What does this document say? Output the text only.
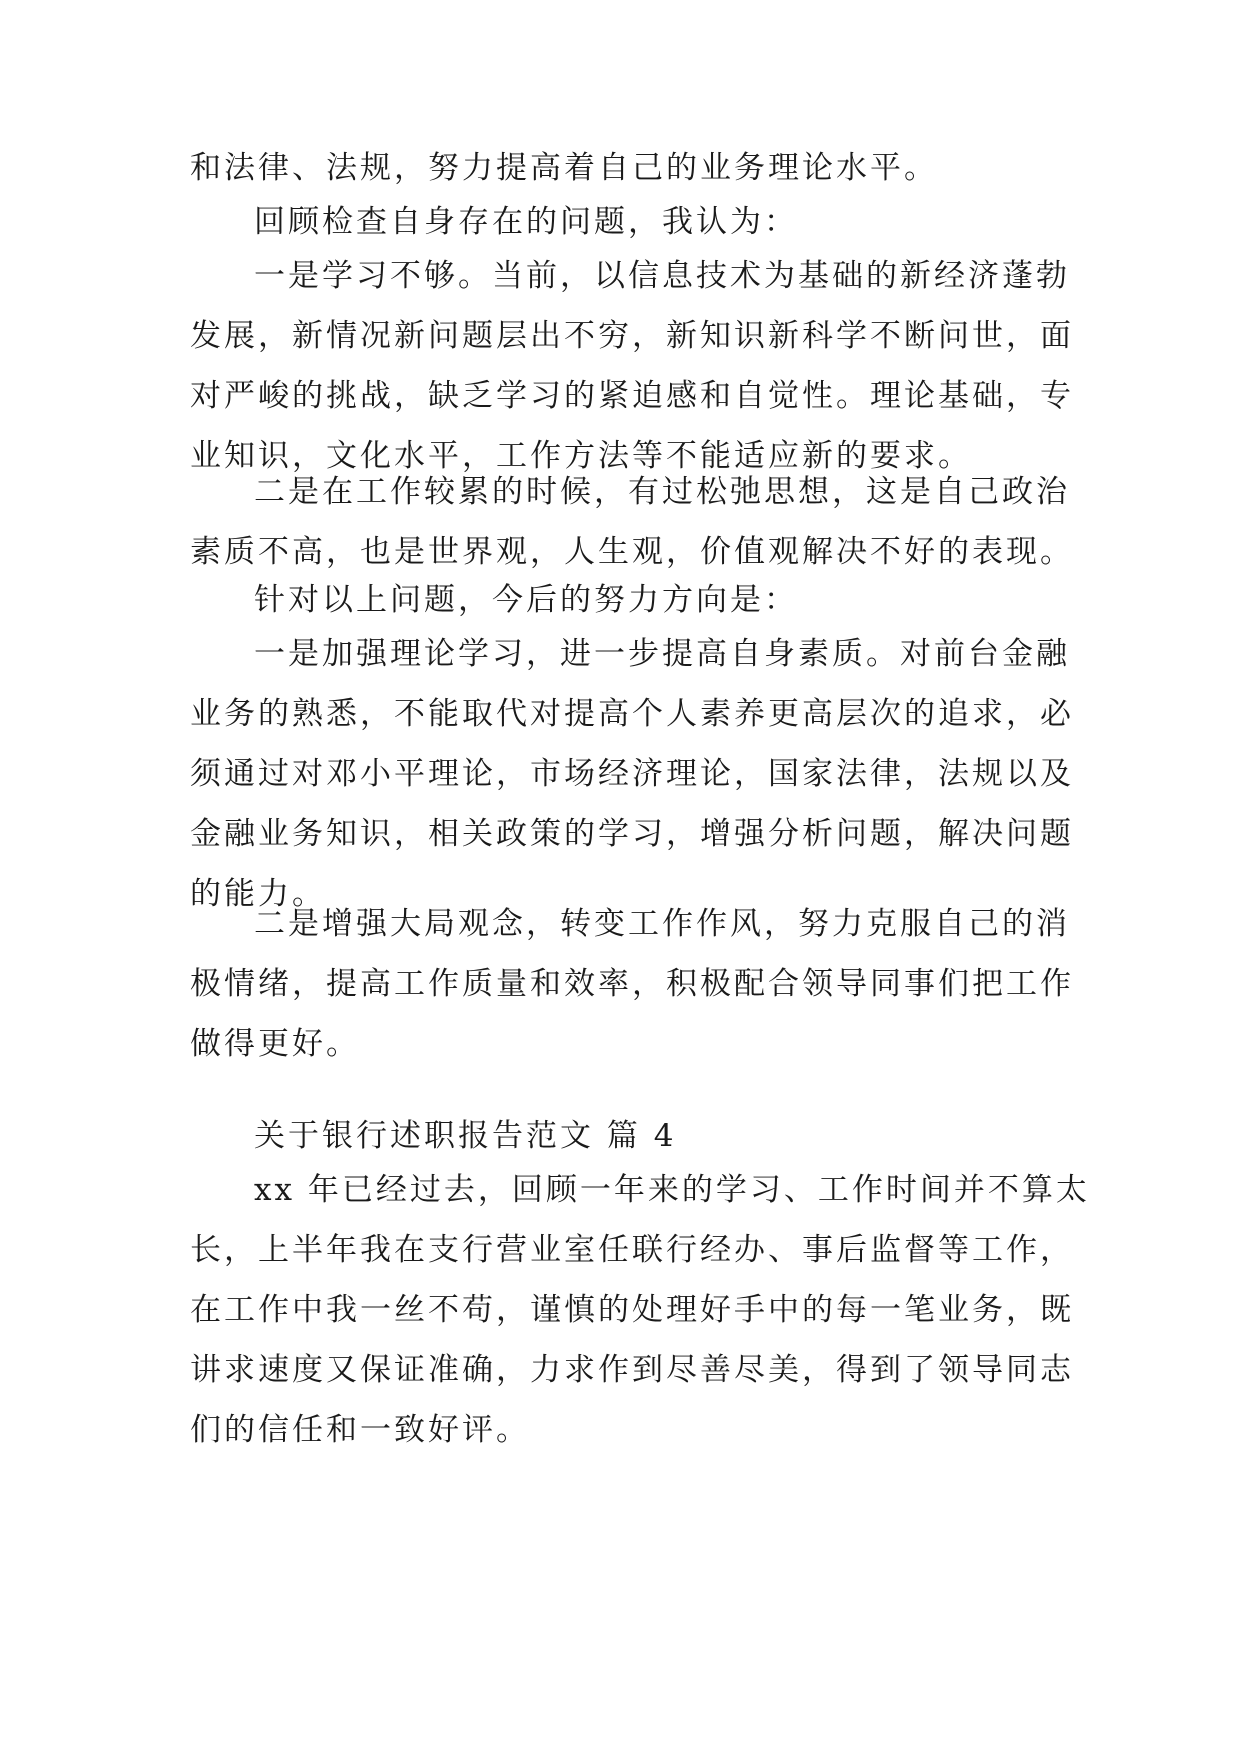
和法律、法规，努力提高着自己的业务理论水平。

回顾检查自身存在的问题，我认为：

一是学习不够。当前，以信息技术为基础的新经济蓬勃
发展，新情况新问题层出不穷，新知识新科学不断问世，面
对严峻的挑战，缺乏学习的紧迫感和自觉性。理论基础，专
业知识，文化水平，工作方法等不能适应新的要求。

二是在工作较累的时候，有过松弛思想，这是自己政治
素质不高，也是世界观，人生观，价值观解决不好的表现。

针对以上问题，今后的努力方向是：

一是加强理论学习，进一步提高自身素质。对前台金融
业务的熟悉，不能取代对提高个人素养更高层次的追求，必
须通过对邓小平理论，市场经济理论，国家法律，法规以及
金融业务知识，相关政策的学习，增强分析问题，解决问题
的能力。

二是增强大局观念，转变工作作风，努力克服自己的消
极情绪，提高工作质量和效率，积极配合领导同事们把工作
做得更好。

关于银行述职报告范文 篇 4

xx 年已经过去，回顾一年来的学习、工作时间并不算太
长，上半年我在支行营业室任联行经办、事后监督等工作，
在工作中我一丝不苟，谨慎的处理好手中的每一笔业务，既
讲求速度又保证准确，力求作到尽善尽美，得到了领导同志
们的信任和一致好评。
